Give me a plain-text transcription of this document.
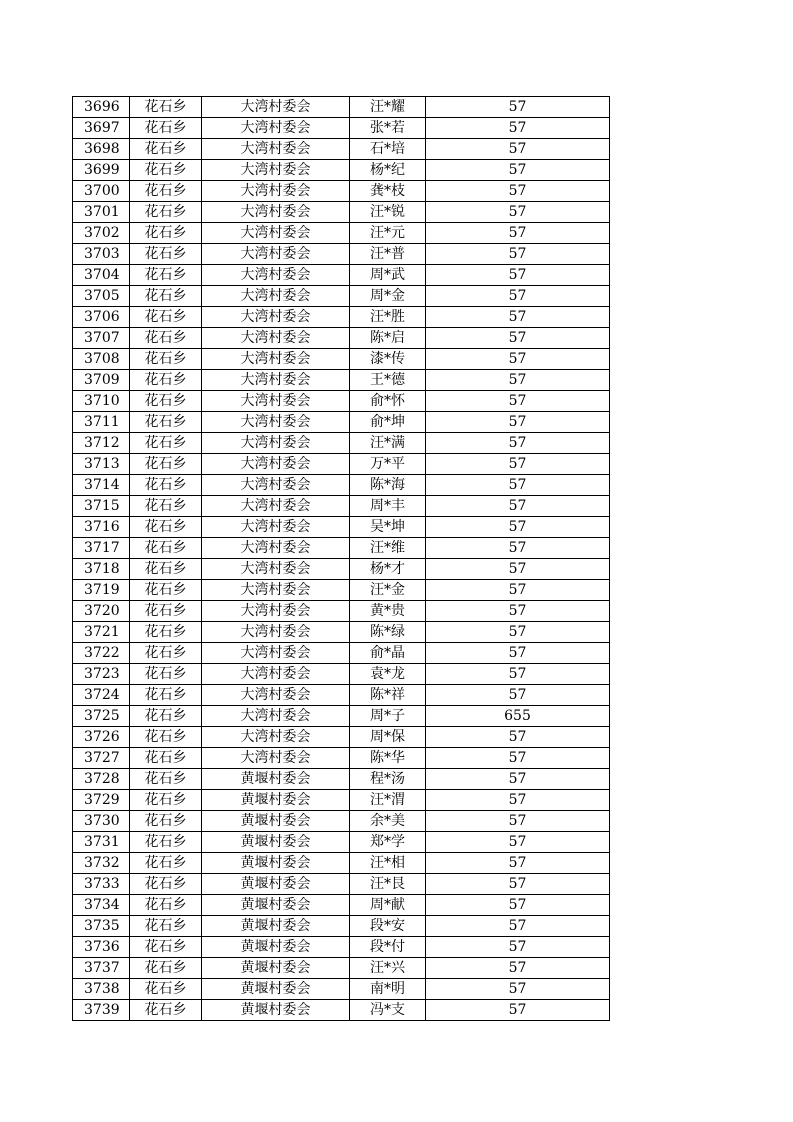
3696	花石乡	大湾村委会	汪*耀	57
3697	花石乡	大湾村委会	张*若	57
3698	花石乡	大湾村委会	石*培	57
3699	花石乡	大湾村委会	杨*纪	57
3700	花石乡	大湾村委会	龚*枝	57
3701	花石乡	大湾村委会	汪*锐	57
3702	花石乡	大湾村委会	汪*元	57
3703	花石乡	大湾村委会	汪*普	57
3704	花石乡	大湾村委会	周*武	57
3705	花石乡	大湾村委会	周*金	57
3706	花石乡	大湾村委会	汪*胜	57
3707	花石乡	大湾村委会	陈*启	57
3708	花石乡	大湾村委会	漆*传	57
3709	花石乡	大湾村委会	王*德	57
3710	花石乡	大湾村委会	俞*怀	57
3711	花石乡	大湾村委会	俞*坤	57
3712	花石乡	大湾村委会	汪*满	57
3713	花石乡	大湾村委会	万*平	57
3714	花石乡	大湾村委会	陈*海	57
3715	花石乡	大湾村委会	周*丰	57
3716	花石乡	大湾村委会	吴*坤	57
3717	花石乡	大湾村委会	汪*维	57
3718	花石乡	大湾村委会	杨*才	57
3719	花石乡	大湾村委会	汪*金	57
3720	花石乡	大湾村委会	黄*贵	57
3721	花石乡	大湾村委会	陈*绿	57
3722	花石乡	大湾村委会	俞*晶	57
3723	花石乡	大湾村委会	袁*龙	57
3724	花石乡	大湾村委会	陈*祥	57
3725	花石乡	大湾村委会	周*子	655
3726	花石乡	大湾村委会	周*保	57
3727	花石乡	大湾村委会	陈*华	57
3728	花石乡	黄堰村委会	程*汤	57
3729	花石乡	黄堰村委会	汪*渭	57
3730	花石乡	黄堰村委会	余*美	57
3731	花石乡	黄堰村委会	郑*学	57
3732	花石乡	黄堰村委会	汪*相	57
3733	花石乡	黄堰村委会	汪*艮	57
3734	花石乡	黄堰村委会	周*献	57
3735	花石乡	黄堰村委会	段*安	57
3736	花石乡	黄堰村委会	段*付	57
3737	花石乡	黄堰村委会	汪*兴	57
3738	花石乡	黄堰村委会	南*明	57
3739	花石乡	黄堰村委会	冯*支	57
